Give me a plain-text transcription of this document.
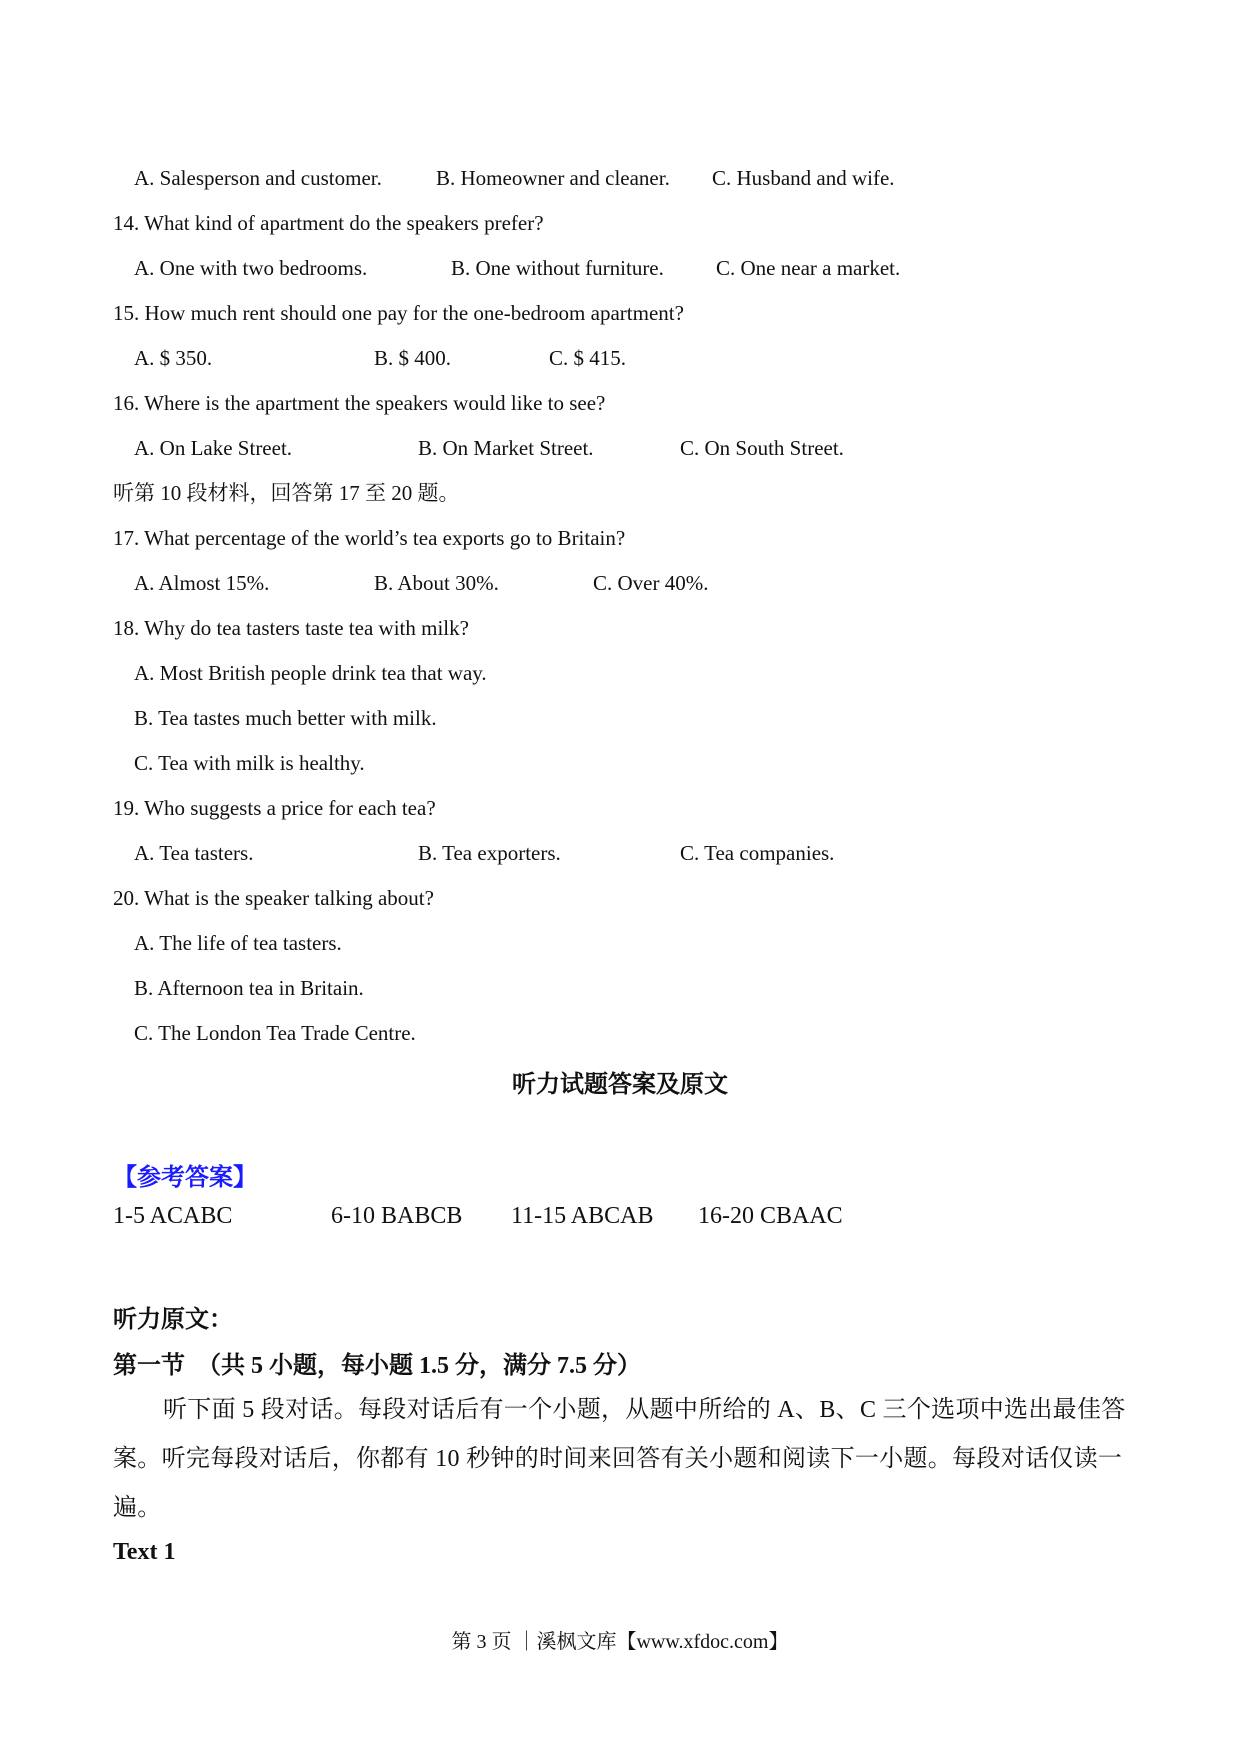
A. Salesperson and customer.	B. Homeowner and cleaner. C. Husband and wife.
14. What kind of apartment do the speakers prefer?
A. One with two bedrooms.	B. One without furniture. C. One near a market.
15. How much rent should one pay for the one-bedroom apartment?
A. $ 350.	B. $ 400.	C. $ 415.
16. Where is the apartment the speakers would like to see?
A. On Lake Street.	B. On Market Street.	C. On South Street.
听第 10 段材料，回答第 17 至 20 题。
17. What percentage of the world’s tea exports go to Britain?
A. Almost 15%.	B. About 30%.	C. Over 40%.
18. Why do tea tasters taste tea with milk?
A. Most British people drink tea that way.
B. Tea tastes much better with milk.
C. Tea with milk is healthy.
19. Who suggests a price for each tea?
A. Tea tasters.	B. Tea exporters.	C. Tea companies.
20. What is the speaker talking about?
A. The life of tea tasters.
B. Afternoon tea in Britain.
C. The London Tea Trade Centre.
听力试题答案及原文
【参考答案】
1-5 ACABC	6-10 BABCB 11-15 ABCAB 16-20 CBAAC
听力原文：
第一节　（共 5 小题，每小题 1.5 分，满分 7.5 分）
听下面 5 段对话。每段对话后有一个小题，从题中所给的 A、B、C 三个选项中选出最佳答案。听完每段对话后，你都有 10 秒钟的时间来回答有关小题和阅读下一小题。每段对话仅读一遍。
Text 1
第 3 页 ｜溪枫文库【www.xfdoc.com】
